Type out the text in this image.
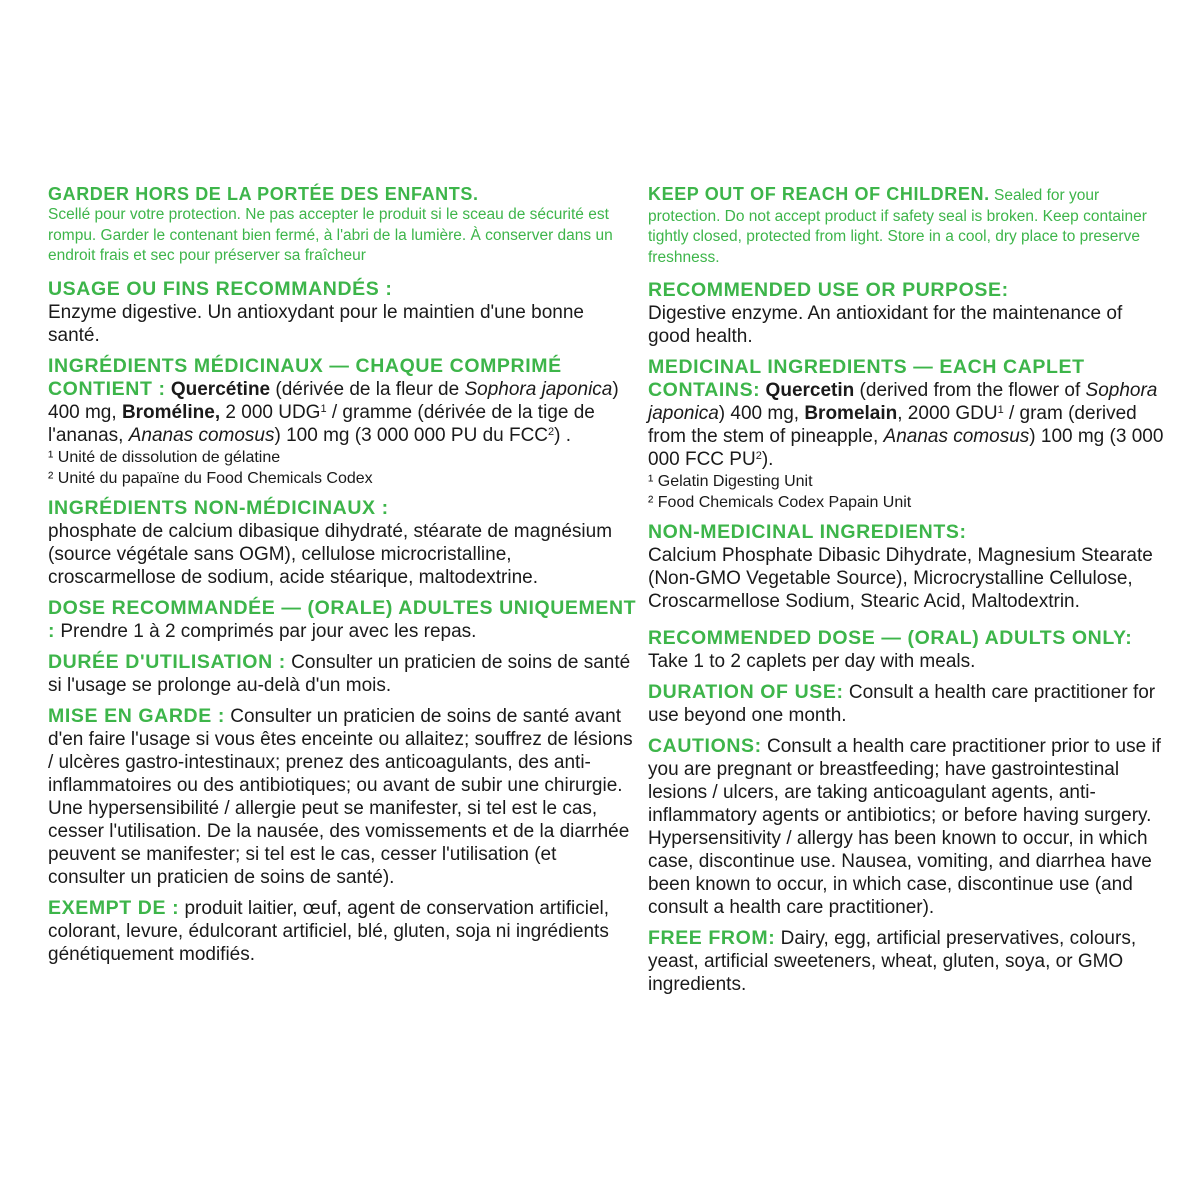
GARDER HORS DE LA PORTÉE DES ENFANTS.
Scellé pour votre protection. Ne pas accepter le produit si le sceau de sécurité est rompu. Garder le contenant bien fermé, à l'abri de la lumière. À conserver dans un endroit frais et sec pour préserver sa fraîcheur
USAGE OU FINS RECOMMANDÉS :
Enzyme digestive. Un antioxydant pour le maintien d'une bonne santé.
INGRÉDIENTS MÉDICINAUX — CHAQUE COMPRIMÉ CONTIENT : Quercétine (dérivée de la fleur de Sophora japonica) 400 mg, Broméline, 2 000 UDG$^1$ / gramme (dérivée de la tige de l'ananas, Ananas comosus) 100 mg (3 000 000 PU du FCC$^2$) .
¹ Unité de dissolution de gélatine
² Unité du papaïne du Food Chemicals Codex
INGRÉDIENTS NON-MÉDICINAUX :
phosphate de calcium dibasique dihydraté, stéarate de magnésium (source végétale sans OGM), cellulose microcristalline, croscarmellose de sodium, acide stéarique, maltodextrine.
DOSE RECOMMANDÉE — (ORALE) ADULTES UNIQUEMENT : Prendre 1 à 2 comprimés par jour avec les repas.
DURÉE D'UTILISATION : Consulter un praticien de soins de santé si l'usage se prolonge au-delà d'un mois.
MISE EN GARDE : Consulter un praticien de soins de santé avant d'en faire l'usage si vous êtes enceinte ou allaitez; souffrez de lésions / ulcères gastro-intestinaux; prenez des anticoagulants, des anti-inflammatoires ou des antibiotiques; ou avant de subir une chirurgie. Une hypersensibilité / allergie peut se manifester, si tel est le cas, cesser l'utilisation. De la nausée, des vomissements et de la diarrhée peuvent se manifester; si tel est le cas, cesser l'utilisation (et consulter un praticien de soins de santé).
EXEMPT DE : produit laitier, œuf, agent de conservation artificiel, colorant, levure, édulcorant artificiel, blé, gluten, soja ni ingrédients génétiquement modifiés.
KEEP OUT OF REACH OF CHILDREN. Sealed for your protection. Do not accept product if safety seal is broken. Keep container tightly closed, protected from light. Store in a cool, dry place to preserve freshness.
RECOMMENDED USE OR PURPOSE:
Digestive enzyme. An antioxidant for the maintenance of good health.
MEDICINAL INGREDIENTS — EACH CAPLET CONTAINS: Quercetin (derived from the flower of Sophora japonica) 400 mg, Bromelain, 2000 GDU$^1$ / gram (derived from the stem of pineapple, Ananas comosus) 100 mg (3 000 000 FCC $PU^2$).
¹ Gelatin Digesting Unit
² Food Chemicals Codex Papain Unit
NON-MEDICINAL INGREDIENTS:
Calcium Phosphate Dibasic Dihydrate, Magnesium Stearate (Non-GMO Vegetable Source), Microcrystalline Cellulose, Croscarmellose Sodium, Stearic Acid, Maltodextrin.
RECOMMENDED DOSE — (ORAL) ADULTS ONLY: Take 1 to 2 caplets per day with meals.
DURATION OF USE: Consult a health care practitioner for use beyond one month.
CAUTIONS: Consult a health care practitioner prior to use if you are pregnant or breastfeeding; have gastrointestinal lesions / ulcers, are taking anticoagulant agents, anti-inflammatory agents or antibiotics; or before having surgery. Hypersensitivity / allergy has been known to occur, in which case, discontinue use. Nausea, vomiting, and diarrhea have been known to occur, in which case, discontinue use (and consult a health care practitioner).
FREE FROM: Dairy, egg, artificial preservatives, colours, yeast, artificial sweeteners, wheat, gluten, soya, or GMO ingredients.
